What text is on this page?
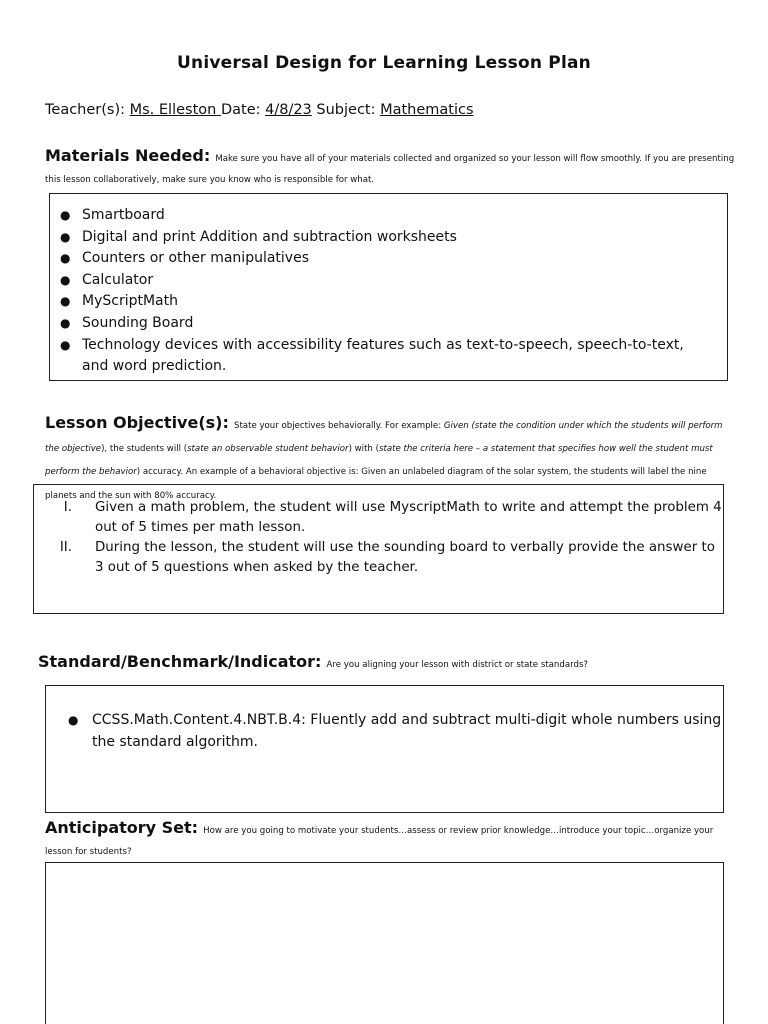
Universal Design for Learning Lesson Plan
Teacher(s): Ms. Elleston Date: 4/8/23 Subject: Mathematics
Materials Needed: Make sure you have all of your materials collected and organized so your lesson will flow smoothly. If you are presenting this lesson collaboratively, make sure you know who is responsible for what.
● Smartboard
● Digital and print Addition and subtraction worksheets
● Counters or other manipulatives
● Calculator
● MyScriptMath
● Sounding Board
● Technology devices with accessibility features such as text-to-speech, speech-to-text, and word prediction.
Lesson Objective(s): State your objectives behaviorally. For example: Given (state the condition under which the students will perform the objective), the students will (state an observable student behavior) with (state the criteria here – a statement that specifies how well the student must perform the behavior) accuracy. An example of a behavioral objective is: Given an unlabeled diagram of the solar system, the students will label the nine planets and the sun with 80% accuracy.
I. Given a math problem, the student will use MyscriptMath to write and attempt the problem 4 out of 5 times per math lesson.
II. During the lesson, the student will use the sounding board to verbally provide the answer to 3 out of 5 questions when asked by the teacher.
Standard/Benchmark/Indicator: Are you aligning your lesson with district or state standards?
● CCSS.Math.Content.4.NBT.B.4: Fluently add and subtract multi-digit whole numbers using the standard algorithm.
Anticipatory Set: How are you going to motivate your students…assess or review prior knowledge…introduce your topic…organize your lesson for students?
